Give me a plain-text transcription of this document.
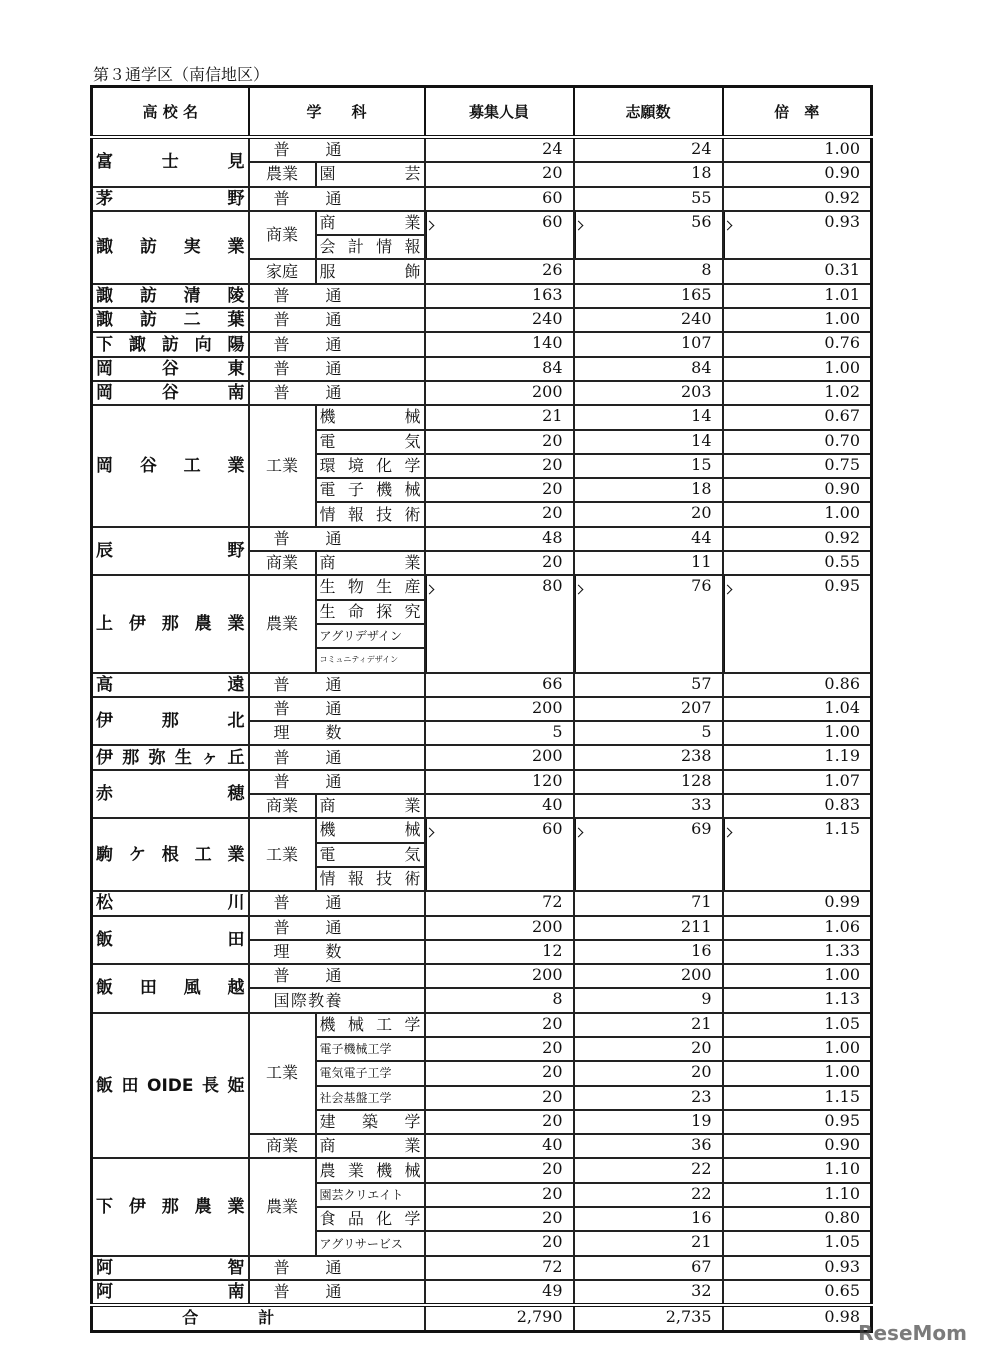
第３通学区（南信地区）
高 校 名	学　　科		募集人員	志願数	倍　率
富士見	普通		24	24	1.00
	農業	園芸	20	18	0.90
茅野	普通		60	55	0.92
諏訪実業	商業	商業	60	56	0.93

		会計情報			
	家庭	服飾	26	8	0.31
諏訪清陵	普通		163	165	1.01
諏訪二葉	普通		240	240	1.00
下諏訪向陽	普通		140	107	0.76
岡谷東	普通		84	84	1.00
岡谷南	普通		200	203	1.02
岡谷工業	工業	機械	21	14	0.67
		電気	20	14	0.70
		環境化学	20	15	0.75
		電子機械	20	18	0.90
		情報技術	20	20	1.00
辰野	普通		48	44	0.92
	商業	商業	20	11	0.55
上伊那農業	農業	生物生産	80	76	0.95

		生命探究			
		アグリデザイン			
		コミュニティデザイン			
高遠	普通		66	57	0.86
伊那北	普通		200	207	1.04
	理数		5	5	1.00
伊那弥生ヶ丘	普通		200	238	1.19
赤穂	普通		120	128	1.07
	商業	商業	40	33	0.83
駒ケ根工業	工業	機械	60	69	1.15

		電気			
		情報技術			
松川	普通		72	71	0.99
飯田	普通		200	211	1.06
	理数		12	16	1.33
飯田風越	普通		200	200	1.00
	国際教養		8	9	1.13
飯田OIDE長姫	工業	機械工学	20	21	1.05
		電子機械工学	20	20	1.00
		電気電子工学	20	20	1.00
		社会基盤工学	20	23	1.15
		建築学	20	19	0.95
	商業	商業	40	36	0.90
下伊那農業	農業	農業機械	20	22	1.10
		園芸クリエイト	20	22	1.10
		食品化学	20	16	0.80
		アグリサービス	20	21	1.05
阿智	普通		72	67	0.93
阿南	普通		49	32	0.65
合計			2,790	2,735	0.98
ReseMom
